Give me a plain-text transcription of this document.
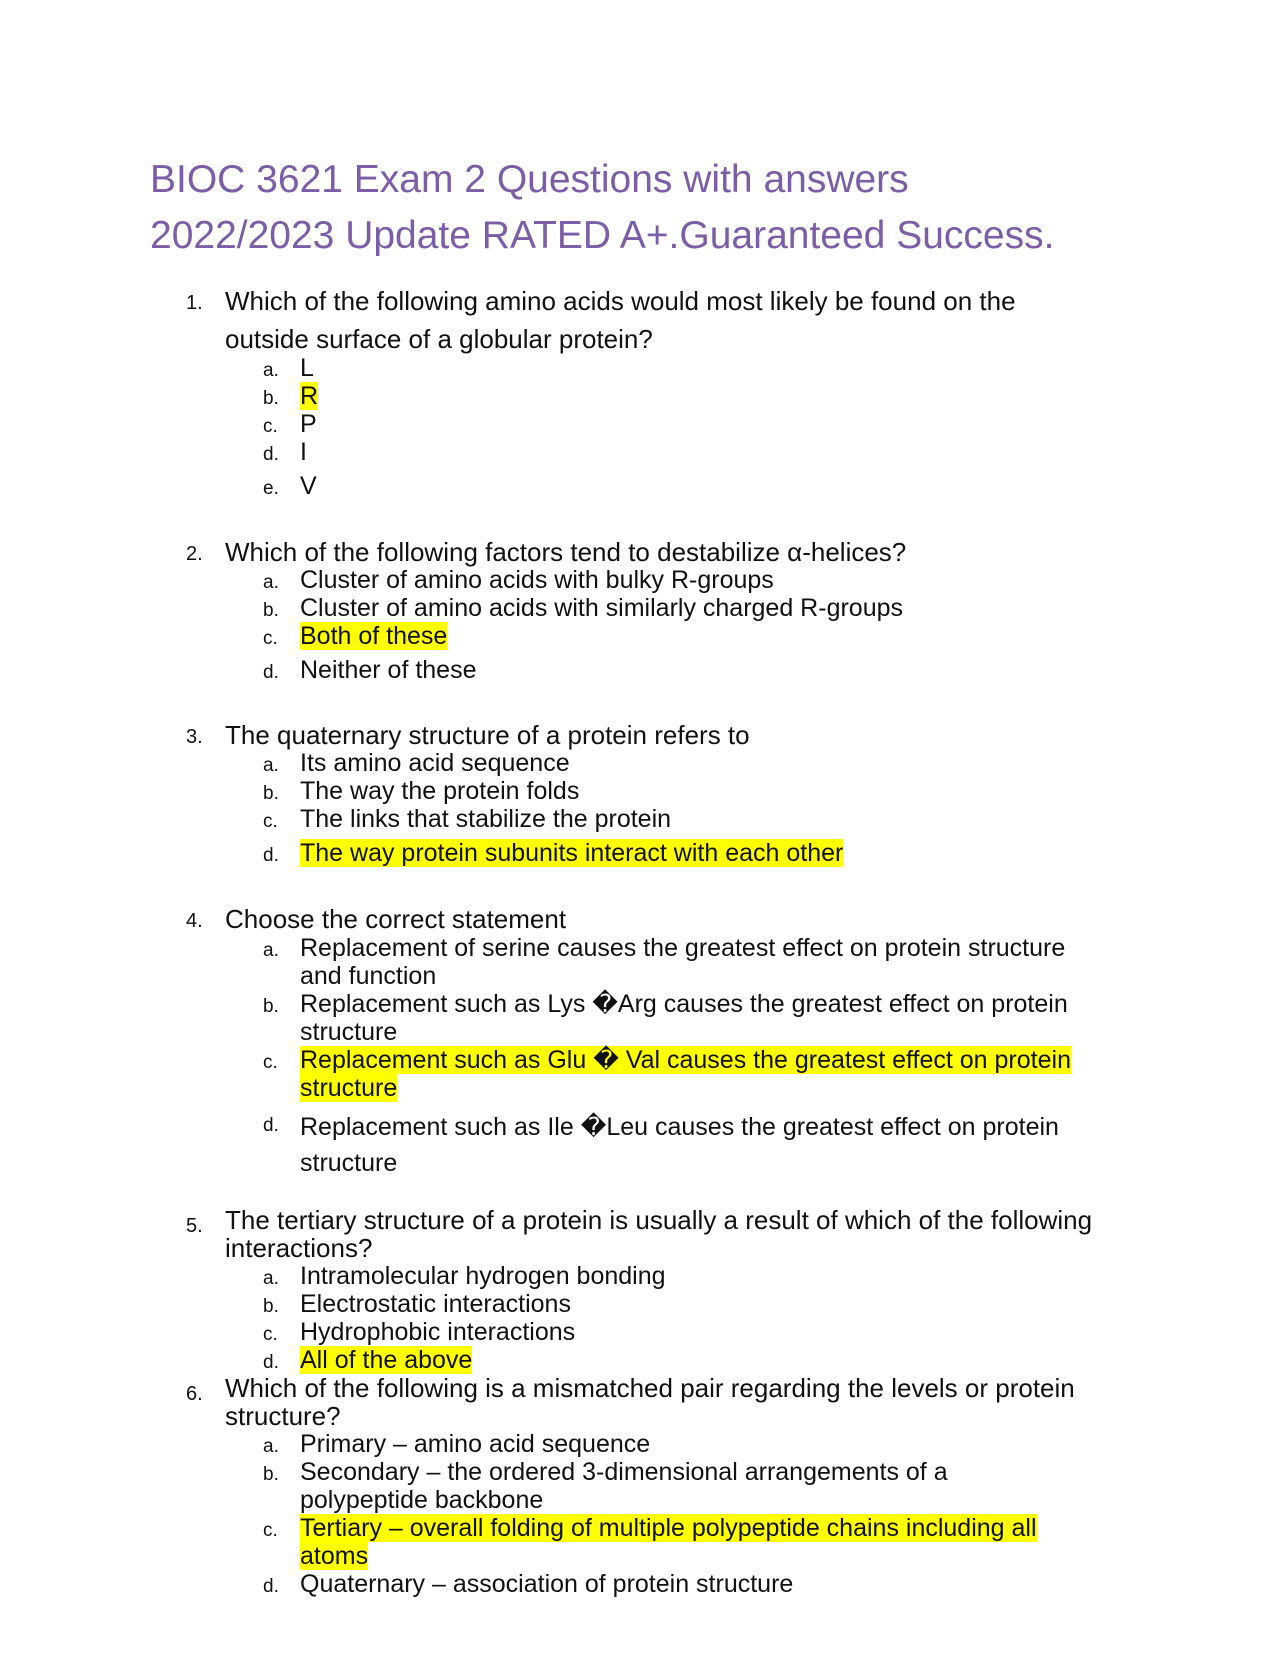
BIOC 3621 Exam 2 Questions with answers
2022/2023 Update RATED A+.Guaranteed Success.
1. Which of the following amino acids would most likely be found on the
outside surface of a globular protein?
a. L
b. R
c. P
d. I
e. V
2. Which of the following factors tend to destabilize α-helices?
a. Cluster of amino acids with bulky R-groups
b. Cluster of amino acids with similarly charged R-groups
c. Both of these
d. Neither of these
3. The quaternary structure of a protein refers to
a. Its amino acid sequence
b. The way the protein folds
c. The links that stabilize the protein
d. The way protein subunits interact with each other
4. Choose the correct statement
a. Replacement of serine causes the greatest effect on protein structure
and function
b. Replacement such as Lys �Arg causes the greatest effect on protein
structure
c. Replacement such as Glu � Val causes the greatest effect on protein
structure
d. Replacement such as Ile �Leu causes the greatest effect on protein
structure
5. The tertiary structure of a protein is usually a result of which of the following
interactions?
a. Intramolecular hydrogen bonding
b. Electrostatic interactions
c. Hydrophobic interactions
d. All of the above
6. Which of the following is a mismatched pair regarding the levels or protein
structure?
a. Primary – amino acid sequence
b. Secondary – the ordered 3-dimensional arrangements of a
polypeptide backbone
c. Tertiary – overall folding of multiple polypeptide chains including all
atoms
d. Quaternary – association of protein structure
